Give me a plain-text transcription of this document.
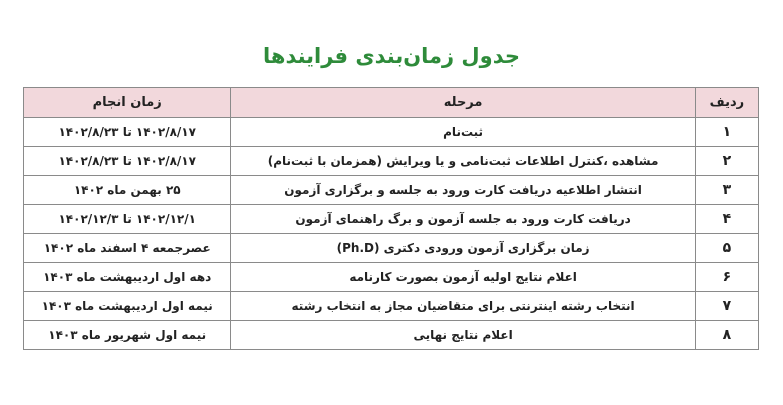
جدول زمان‌بندی فرایندها
ردیف	مرحله	زمان انجام
۱	ثبت‌نام	۱۴۰۲/۸/۱۷ تا ۱۴۰۲/۸/۲۳
۲	مشاهده ،کنترل اطلاعات ثبت‌نامی و یا ویرایش (همزمان با ثبت‌نام)	۱۴۰۲/۸/۱۷ تا ۱۴۰۲/۸/۲۳
۳	انتشار اطلاعیه دریافت کارت ورود به جلسه و برگزاری آزمون	۲۵ بهمن ماه ۱۴۰۲
۴	دریافت کارت ورود به جلسه آزمون و برگ راهنمای آزمون	۱۴۰۲/۱۲/۱ تا ۱۴۰۲/۱۲/۳
۵	زمان برگزاری آزمون ورودی دکتری (Ph.D)	عصرجمعه ۴ اسفند ماه ۱۴۰۲
۶	اعلام نتایج اولیه آزمون بصورت کارنامه	دهه اول اردیبهشت ماه ۱۴۰۳
۷	انتخاب رشته اینترنتی برای متقاضیان مجاز به انتخاب رشته	نیمه اول اردیبهشت ماه ۱۴۰۳
۸	اعلام نتایج نهایی	نیمه اول شهریور ماه ۱۴۰۳
